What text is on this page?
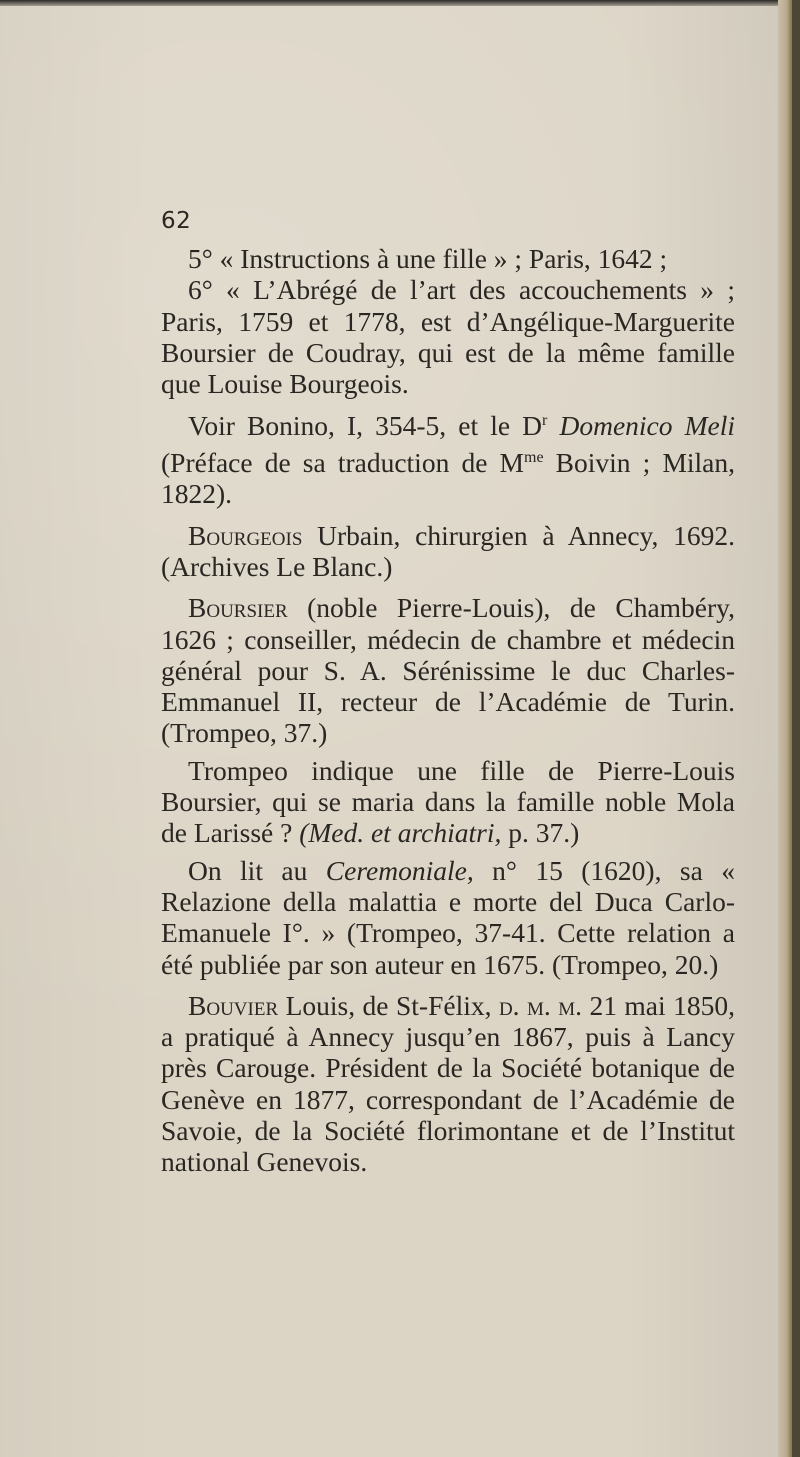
62

5° « Instructions à une fille » ; Paris, 1642 ;

6° « L’Abrégé de l’art des accouchements » ; Paris, 1759 et 1778, est d’Angélique-Marguerite Boursier de Coudray, qui est de la même famille que Louise Bourgeois.

Voir Bonino, I, 354-5, et le $D^r$ Domenico Meli (Préface de sa traduction de $M^{me}$ Boivin ; Milan, 1822).

Bourgeois Urbain, chirurgien à Annecy, 1692. (Archives Le Blanc.)

Boursier (noble Pierre-Louis), de Chambéry, 1626 ; conseiller, médecin de chambre et médecin général pour S. A. Sérénissime le duc Charles-Emmanuel II, recteur de l’Académie de Turin. (Trompeo, 37.)

Trompeo indique une fille de Pierre-Louis Boursier, qui se maria dans la famille noble Mola de Larissé ? (Med. et archiatri, p. 37.)

On lit au Ceremoniale, n° 15 (1620), sa « Relazione della malattia e morte del Duca Carlo-Emanuele I°. » (Trompeo, 37-41. Cette relation a été publiée par son auteur en 1675. (Trompeo, 20.)

Bouvier Louis, de St-Félix, d. m. m. 21 mai 1850, a pratiqué à Annecy jusqu’en 1867, puis à Lancy près Carouge. Président de la Société botanique de Genève en 1877, correspondant de l’Académie de Savoie, de la Société florimontane et de l’Institut national Genevois.
